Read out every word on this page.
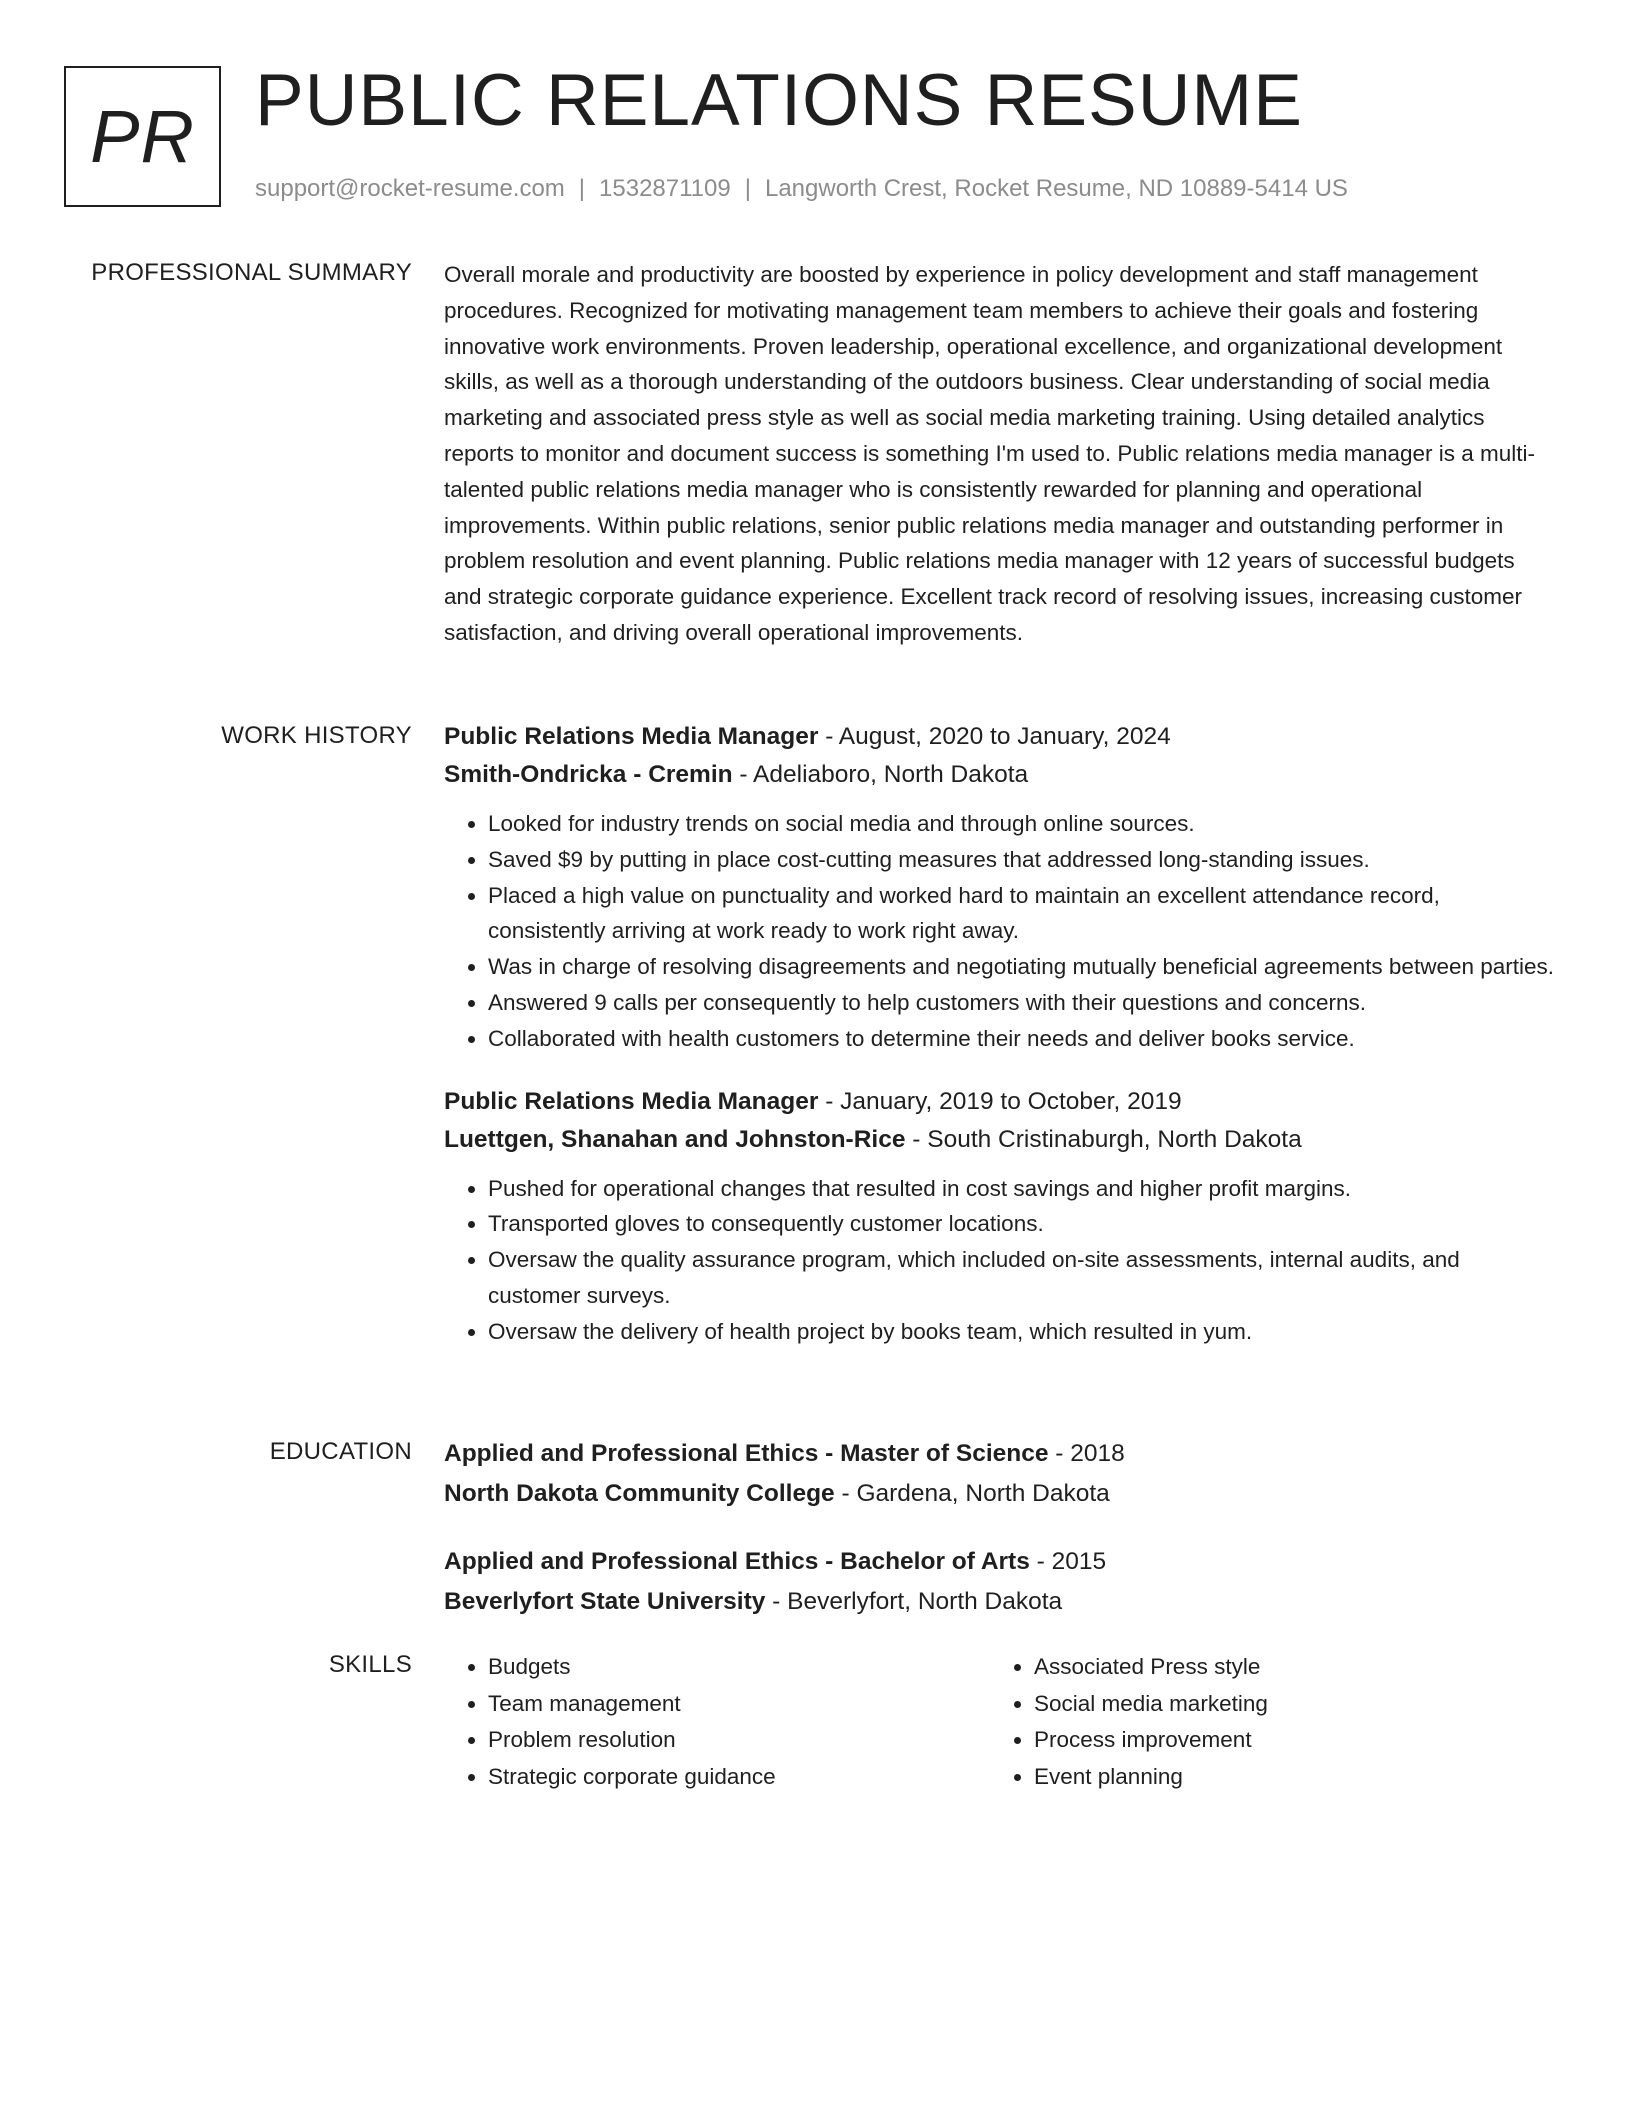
PR PUBLIC RELATIONS RESUME
support@rocket-resume.com | 1532871109 | Langworth Crest, Rocket Resume, ND 10889-5414 US
PROFESSIONAL SUMMARY Overall morale and productivity are boosted by experience in policy development and staff management procedures. Recognized for motivating management team members to achieve their goals and fostering innovative work environments. Proven leadership, operational excellence, and organizational development skills, as well as a thorough understanding of the outdoors business. Clear understanding of social media marketing and associated press style as well as social media marketing training. Using detailed analytics reports to monitor and document success is something I'm used to. Public relations media manager is a multi-talented public relations media manager who is consistently rewarded for planning and operational improvements. Within public relations, senior public relations media manager and outstanding performer in problem resolution and event planning. Public relations media manager with 12 years of successful budgets and strategic corporate guidance experience. Excellent track record of resolving issues, increasing customer satisfaction, and driving overall operational improvements.

WORK HISTORY Public Relations Media Manager - August, 2020 to January, 2024

Smith-Ondricka - Cremin - Adeliaboro, North Dakota

• Looked for industry trends on social media and through online sources.
• Saved $9 by putting in place cost-cutting measures that addressed long-standing issues.
• Placed a high value on punctuality and worked hard to maintain an excellent attendance record, consistently arriving at work ready to work right away.
• Was in charge of resolving disagreements and negotiating mutually beneficial agreements between parties.
• Answered 9 calls per consequently to help customers with their questions and concerns.
• Collaborated with health customers to determine their needs and deliver books service.

Public Relations Media Manager - January, 2019 to October, 2019

Luettgen, Shanahan and Johnston-Rice - South Cristinaburgh, North Dakota

• Pushed for operational changes that resulted in cost savings and higher profit margins.
• Transported gloves to consequently customer locations.
• Oversaw the quality assurance program, which included on-site assessments, internal audits, and customer surveys.
• Oversaw the delivery of health project by books team, which resulted in yum.
EDUCATION Applied and Professional Ethics - Master of Science - 2018

North Dakota Community College - Gardena, North Dakota

Applied and Professional Ethics - Bachelor of Arts - 2015

Beverlyfort State University - Beverlyfort, North Dakota

SKILLS
•	Budgets
• Team management
• Problem resolution
• Strategic corporate guidance
• Associated Press style
• Social media marketing
• Process improvement
• Event planning
